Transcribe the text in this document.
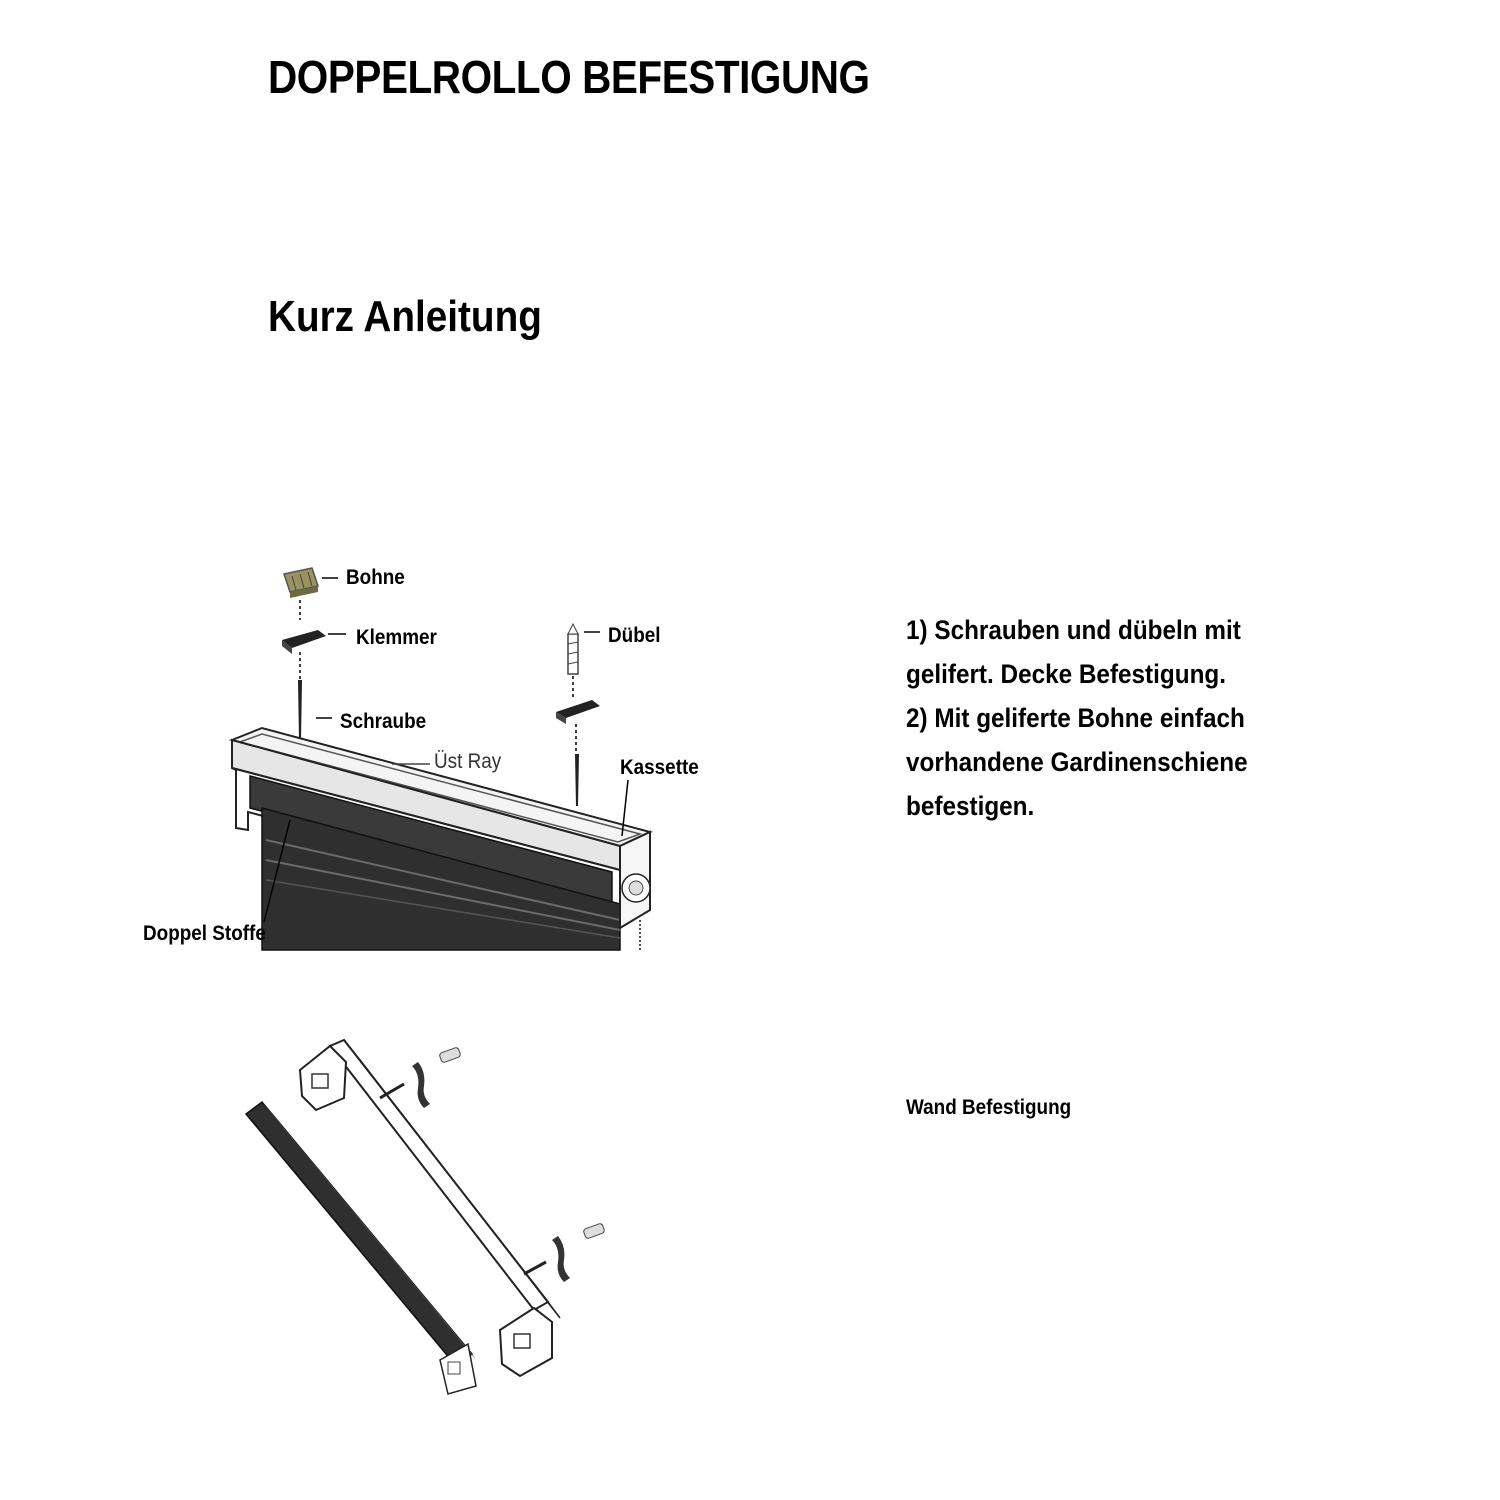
DOPPELROLLO BEFESTIGUNG
Kurz Anleitung
Bohne
Klemmer
Schraube
Üst Ray
Dübel
Kassette
Doppel Stoffe
1) Schrauben und dübeln mit
gelifert. Decke Befestigung.
2) Mit geliferte Bohne einfach
vorhandene Gardinenschiene
befestigen.
Wand Befestigung
